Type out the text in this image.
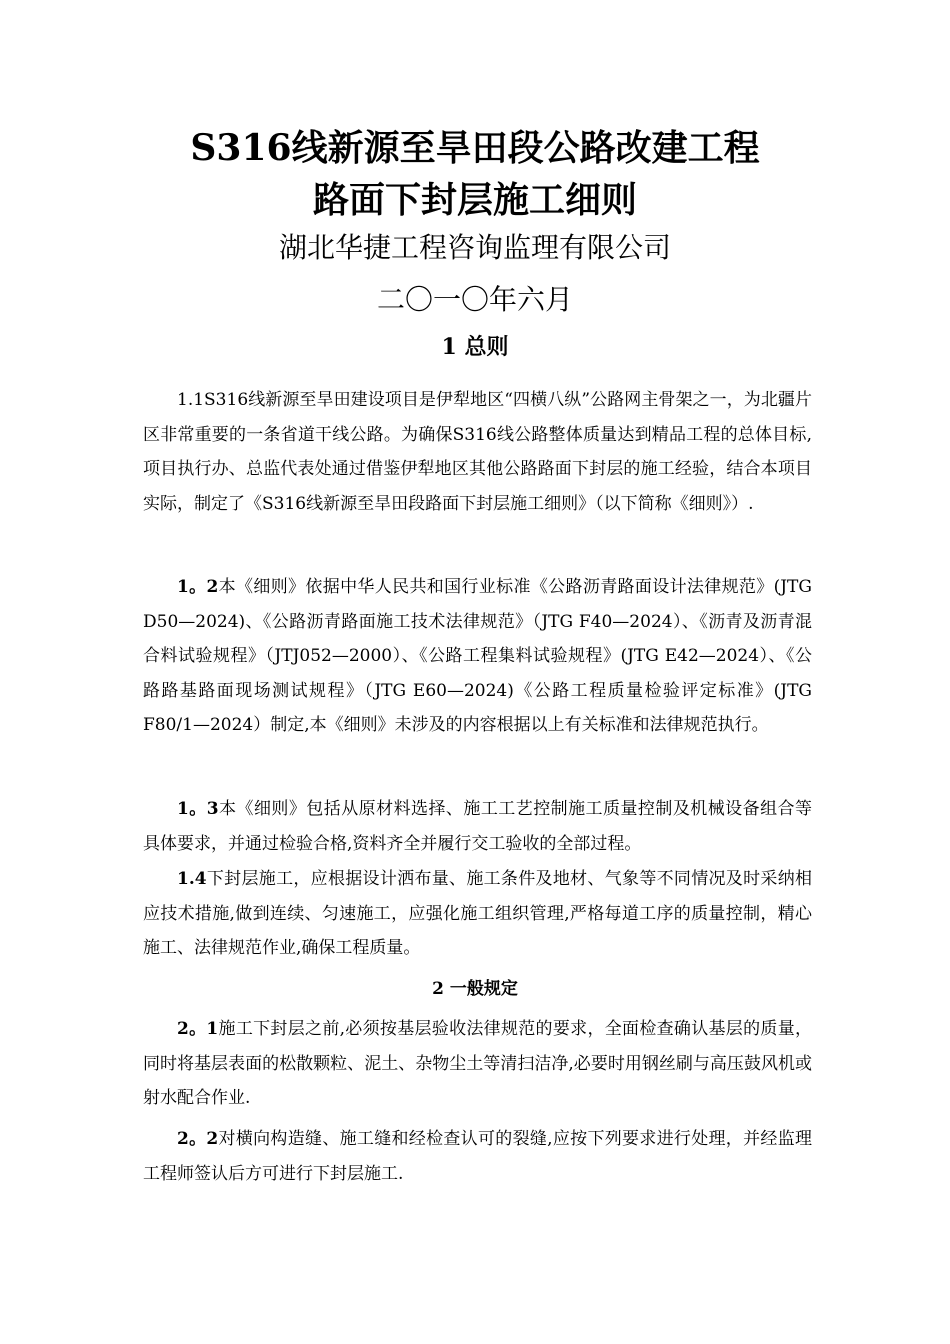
S316线新源至旱田段公路改建工程
路面下封层施工细则
湖北华捷工程咨询监理有限公司
二〇一〇年六月
1 总则

1.1S316线新源至旱田建设项目是伊犁地区“四横八纵”公路网主骨架之一，为北疆片区非常重要的一条省道干线公路。为确保S316线公路整体质量达到精品工程的总体目标,项目执行办、总监代表处通过借鉴伊犁地区其他公路路面下封层的施工经验，结合本项目实际，制定了《S316线新源至旱田段路面下封层施工细则》（以下简称《细则》）.

1。2本《细则》依据中华人民共和国行业标准《公路沥青路面设计法律规范》(JTG D50—2024)、《公路沥青路面施工技术法律规范》（JTG F40—2024）、《沥青及沥青混合料试验规程》（JTJ052—2000）、《公路工程集料试验规程》(JTG E42—2024）、《公路路基路面现场测试规程》（JTG E60—2024)《公路工程质量检验评定标准》(JTG F80/1—2024）制定,本《细则》未涉及的内容根据以上有关标准和法律规范执行。

1。3本《细则》包括从原材料选择、施工工艺控制施工质量控制及机械设备组合等具体要求，并通过检验合格,资料齐全并履行交工验收的全部过程。

1.4下封层施工，应根据设计洒布量、施工条件及地材、气象等不同情况及时采纳相应技术措施,做到连续、匀速施工，应强化施工组织管理,严格每道工序的质量控制，精心施工、法律规范作业,确保工程质量。

2 一般规定

2。1施工下封层之前,必须按基层验收法律规范的要求，全面检查确认基层的质量，同时将基层表面的松散颗粒、泥土、杂物尘土等清扫洁净,必要时用钢丝刷与高压鼓风机或射水配合作业.

2。2对横向构造缝、施工缝和经检查认可的裂缝,应按下列要求进行处理，并经监理工程师签认后方可进行下封层施工.
